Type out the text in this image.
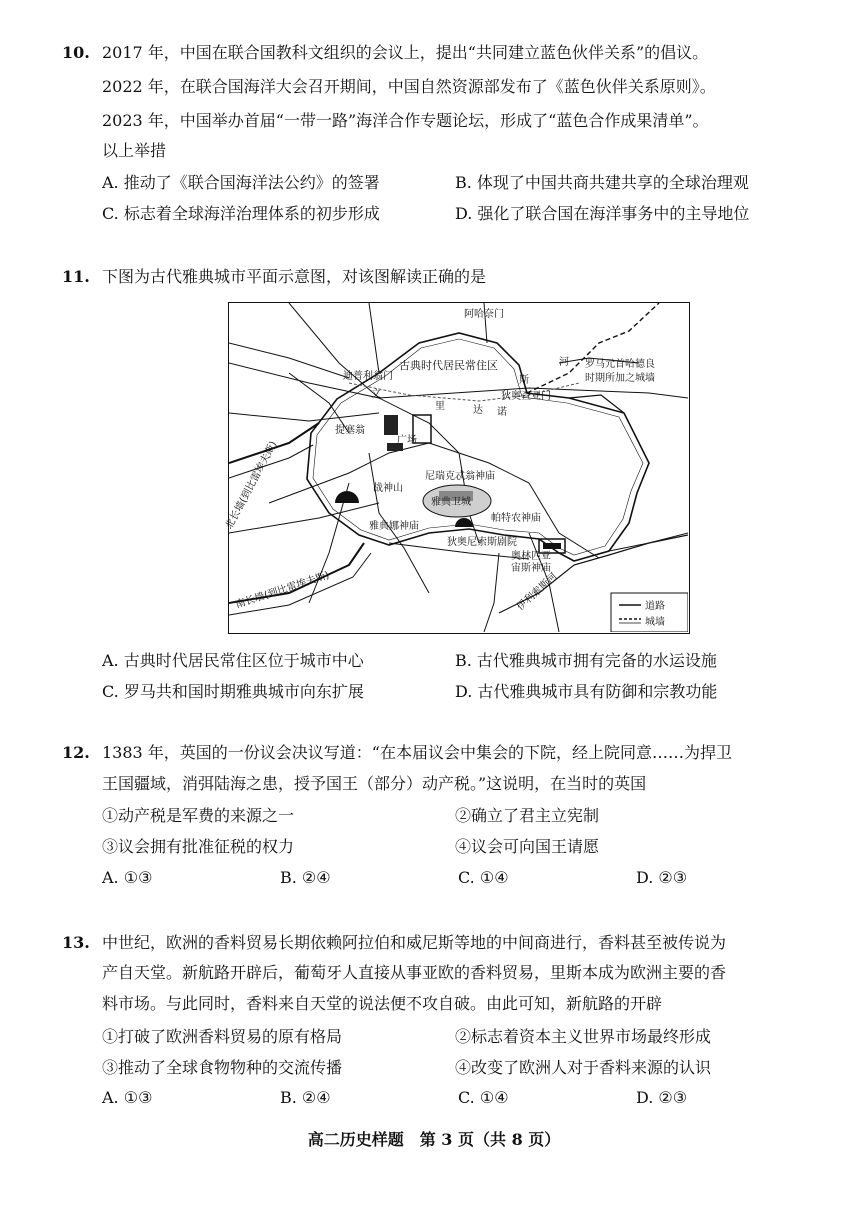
10. 2017 年，中国在联合国教科文组织的会议上，提出“共同建立蓝色伙伴关系”的倡议。
2022 年，在联合国海洋大会召开期间，中国自然资源部发布了《蓝色伙伴关系原则》。
2023 年，中国举办首届“一带一路”海洋合作专题论坛，形成了“蓝色合作成果清单”。
以上举措
A. 推动了《联合国海洋法公约》的签署	B. 体现了中国共商共建共享的全球治理观
C. 标志着全球海洋治理体系的初步形成	D. 强化了联合国在海洋事务中的主导地位
11. 下图为古代雅典城市平面示意图，对该图解读正确的是
阿哈奈门
古典时代居民常住区
迪普利翁门
文
里	达 诺
斯
河 罗马元首哈德良
时期所加之城墙
狄奥查亚门
提塞翁
广场
战神山
尼瑞克忒翁神庙
雅典卫城
帕特农神庙
雅典娜神庙
狄奥尼索斯剧院
奥林匹亚
宙斯神庙
北长墙(到比雷埃夫斯)
南长墙(到比雷埃夫斯)	伊利索斯河	道路
城墙
A. 古典时代居民常住区位于城市中心	B. 古代雅典城市拥有完备的水运设施
C. 罗马共和国时期雅典城市向东扩展	D. 古代雅典城市具有防御和宗教功能
12. 1383 年，英国的一份议会决议写道：“在本届议会中集会的下院，经上院同意……为捍卫
王国疆域，消弭陆海之患，授予国王（部分）动产税。”这说明，在当时的英国
①动产税是军费的来源之一	②确立了君主立宪制
③议会拥有批准征税的权力	④议会可向国王请愿
A. ①③	B. ②④	C. ①④	D. ②③
13. 中世纪，欧洲的香料贸易长期依赖阿拉伯和威尼斯等地的中间商进行，香料甚至被传说为
产自天堂。新航路开辟后，葡萄牙人直接从事亚欧的香料贸易，里斯本成为欧洲主要的香
料市场。与此同时，香料来自天堂的说法便不攻自破。由此可知，新航路的开辟
①打破了欧洲香料贸易的原有格局	②标志着资本主义世界市场最终形成
③推动了全球食物物种的交流传播	④改变了欧洲人对于香料来源的认识
A. ①③	B. ②④	C. ①④	D. ②③
高二历史样题　第 3 页（共 8 页）
